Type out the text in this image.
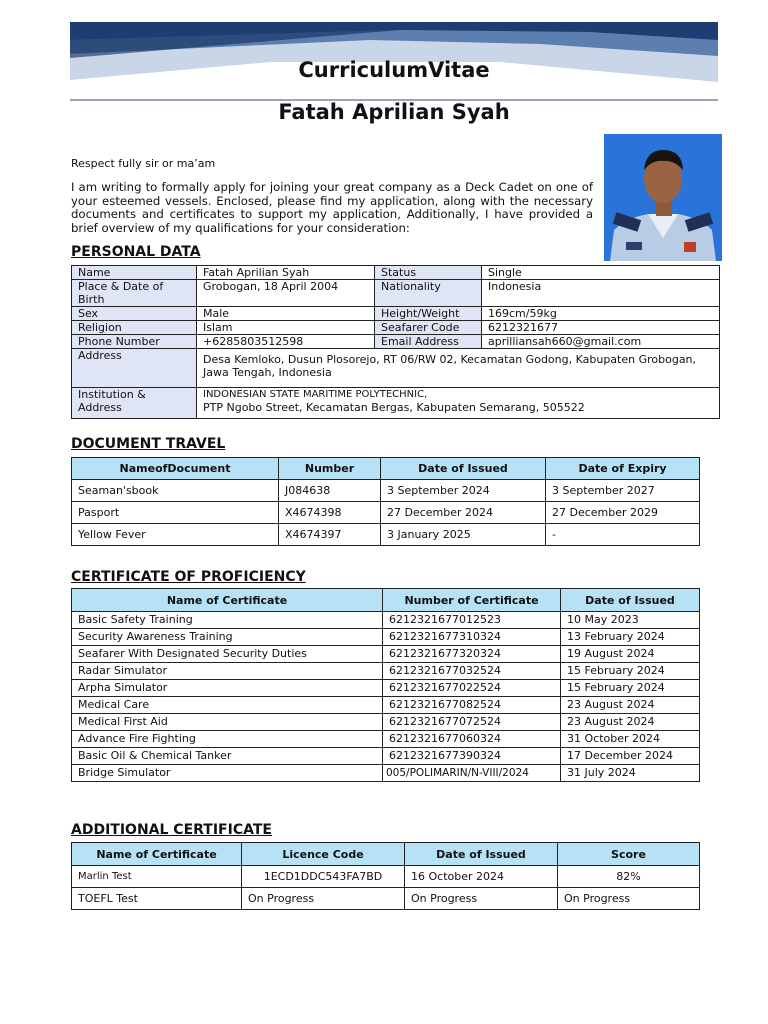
CurriculumVitae
Fatah Aprilian Syah
Respect fully sir or ma’am
I am writing to formally apply for joining your great company as a Deck Cadet on one of your esteemed vessels. Enclosed, please find my application, along with the necessary documents and certificates to support my application, Additionally, I have provided a brief overview of my qualifications for your consideration:
PERSONAL DATA
Name	Fatah Aprilian Syah	Status	Single
Place & Date of Birth	Grobogan, 18 April 2004	Nationality	Indonesia
Sex	Male	Height/Weight	169cm/59kg
Religion	Islam	Seafarer Code	6212321677
Phone Number	+6285803512598	Email Address	aprilliansah660@gmail.com
Address	Desa Kemloko, Dusun Plosorejo, RT 06/RW 02, Kecamatan Godong, Kabupaten Grobogan, Jawa Tengah, Indonesia		
Institution & Address	INDONESIAN STATE MARITIME POLYTECHNIC,
PTP Ngobo Street, Kecamatan Bergas, Kabupaten Semarang, 505522		
DOCUMENT TRAVEL
NameofDocument	Number	Date of Issued	Date of Expiry
Seaman'sbook	J084638	3 September 2024	3 September 2027
Pasport	X4674398	27 December 2024	27 December 2029
Yellow Fever	X4674397	3 January 2025	-
CERTIFICATE OF PROFICIENCY
Name of Certificate	Number of Certificate	Date of Issued
Basic Safety Training	6212321677012523	10 May 2023
Security Awareness Training	6212321677310324	13 February 2024
Seafarer With Designated Security Duties	6212321677320324	19 August 2024
Radar Simulator	6212321677032524	15 February 2024
Arpha Simulator	6212321677022524	15 February 2024
Medical Care	6212321677082524	23 August 2024
Medical First Aid	6212321677072524	23 August 2024
Advance Fire Fighting	6212321677060324	31 October 2024
Basic Oil & Chemical Tanker	6212321677390324	17 December 2024
Bridge Simulator	005/POLIMARIN/N-VIII/2024	31 July 2024
ADDITIONAL CERTIFICATE
Name of Certificate	Licence Code	Date of Issued	Score
Marlin Test	1ECD1DDC543FA7BD	16 October 2024	82%
TOEFL Test	On Progress	On Progress	On Progress
